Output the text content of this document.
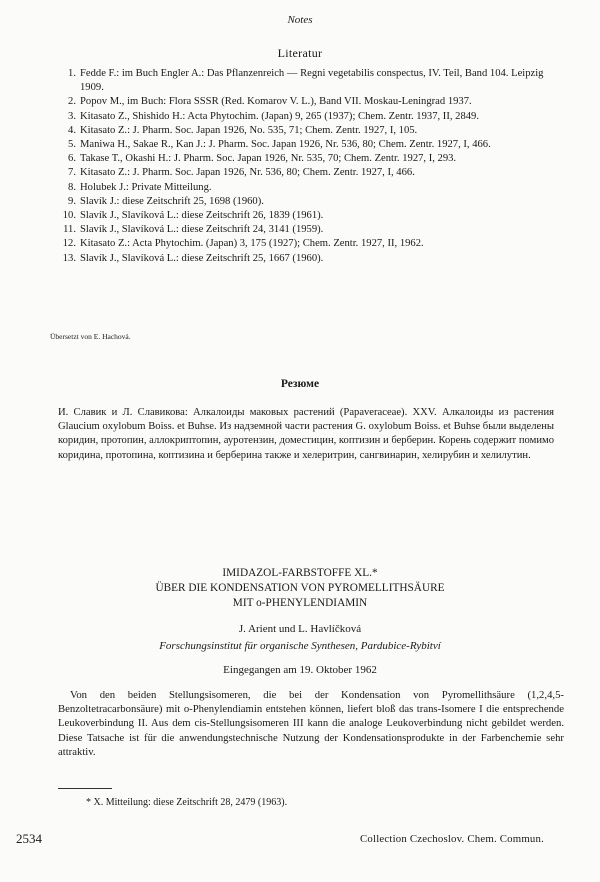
Notes
Literatur
1. Fedde F.: im Buch Engler A.: Das Pflanzenreich — Regni vegetabilis conspectus, IV. Teil, Band 104. Leipzig 1909.
2. Popov M., im Buch: Flora SSSR (Red. Komarov V. L.), Band VII. Moskau-Leningrad 1937.
3. Kitasato Z., Shishido H.: Acta Phytochim. (Japan) 9, 265 (1937); Chem. Zentr. 1937, II, 2849.
4. Kitasato Z.: J. Pharm. Soc. Japan 1926, No. 535, 71; Chem. Zentr. 1927, I, 105.
5. Maniwa H., Sakae R., Kan J.: J. Pharm. Soc. Japan 1926, Nr. 536, 80; Chem. Zentr. 1927, I, 466.
6. Takase T., Okashi H.: J. Pharm. Soc. Japan 1926, Nr. 535, 70; Chem. Zentr. 1927, I, 293.
7. Kitasato Z.: J. Pharm. Soc. Japan 1926, Nr. 536, 80; Chem. Zentr. 1927, I, 466.
8. Holubek J.: Private Mitteilung.
9. Slavík J.: diese Zeitschrift 25, 1698 (1960).
10. Slavík J., Slavíková L.: diese Zeitschrift 26, 1839 (1961).
11. Slavík J., Slavíková L.: diese Zeitschrift 24, 3141 (1959).
12. Kitasato Z.: Acta Phytochim. (Japan) 3, 175 (1927); Chem. Zentr. 1927, II, 1962.
13. Slavík J., Slavíková L.: diese Zeitschrift 25, 1667 (1960).
Übersetzt von E. Hachová.
Резюме
И. Славик и Л. Славикова: Алкалоиды маковых растений (Papaveraceae). XXV. Алкалоиды из растения Glaucium oxylobum Boiss. et Buhse. Из надземной части растения G. oxylobum Boiss. et Buhse были выделены коридин, протопин, аллокриптопин, ауротензин, доместицин, коптизин и берберин. Корень содержит помимо коридина, протопина, коптизина и берберина также и хелеритрин, сангвинарин, хелирубин и хелилутин.
IMIDAZOL-FARBSTOFFE XL.*
ÜBER DIE KONDENSATION VON PYROMELLITHSÄURE
MIT o-PHENYLENDIAMIN
J. Arient und L. Havlíčková
Forschungsinstitut für organische Synthesen, Pardubice-Rybitví
Eingegangen am 19. Oktober 1962
Von den beiden Stellungsisomeren, die bei der Kondensation von Pyromellithsäure (1,2,4,5-Benzoltetracarbonsäure) mit o-Phenylendiamin entstehen können, liefert bloß das trans-Isomere I die entsprechende Leukoverbindung II. Aus dem cis-Stellungsisomeren III kann die analoge Leukoverbindung nicht gebildet werden. Diese Tatsache ist für die anwendungstechnische Nutzung der Kondensationsprodukte in der Farbenchemie sehr attraktiv.
* X. Mitteilung: diese Zeitschrift 28, 2479 (1963).
2534	Collection Czechoslov. Chem. Commun.
